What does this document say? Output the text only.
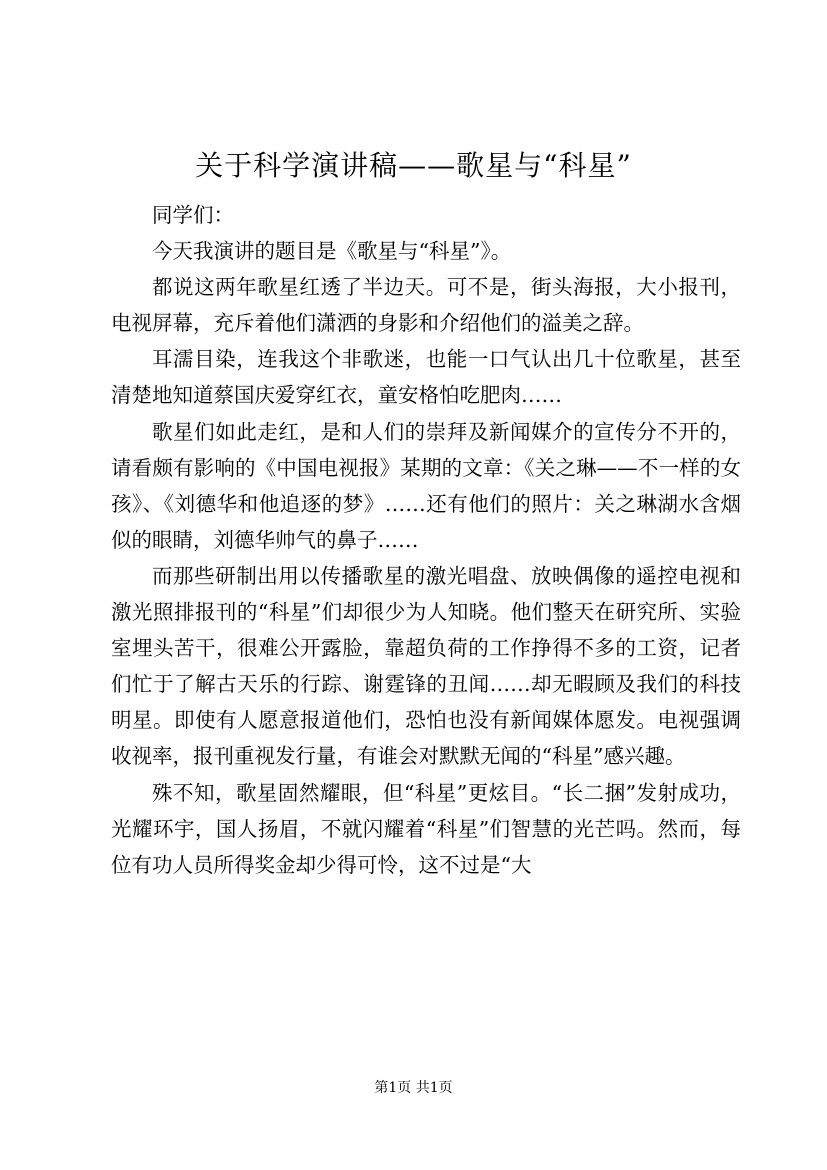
关于科学演讲稿——歌星与“科星”

同学们：

今天我演讲的题目是《歌星与“科星”》。

都说这两年歌星红透了半边天。可不是，街头海报，大小报刊，电视屏幕，充斥着他们潇洒的身影和介绍他们的溢美之辞。

耳濡目染，连我这个非歌迷，也能一口气认出几十位歌星，甚至清楚地知道蔡国庆爱穿红衣，童安格怕吃肥肉……

歌星们如此走红，是和人们的崇拜及新闻媒介的宣传分不开的，请看颇有影响的《中国电视报》某期的文章：《关之琳——不一样的女孩》、《刘德华和他追逐的梦》……还有他们的照片：关之琳湖水含烟似的眼睛，刘德华帅气的鼻子……

而那些研制出用以传播歌星的激光唱盘、放映偶像的遥控电视和激光照排报刊的“科星”们却很少为人知晓。他们整天在研究所、实验室埋头苦干，很难公开露脸，靠超负荷的工作挣得不多的工资，记者们忙于了解古天乐的行踪、谢霆锋的丑闻……却无暇顾及我们的科技明星。即使有人愿意报道他们，恐怕也没有新闻媒体愿发。电视强调收视率，报刊重视发行量，有谁会对默默无闻的“科星”感兴趣。

殊不知，歌星固然耀眼，但“科星”更炫目。“长二捆”发射成功，光耀环宇，国人扬眉，不就闪耀着“科星”们智慧的光芒吗。然而，每位有功人员所得奖金却少得可怜，这不过是“大

第1页 共1页
